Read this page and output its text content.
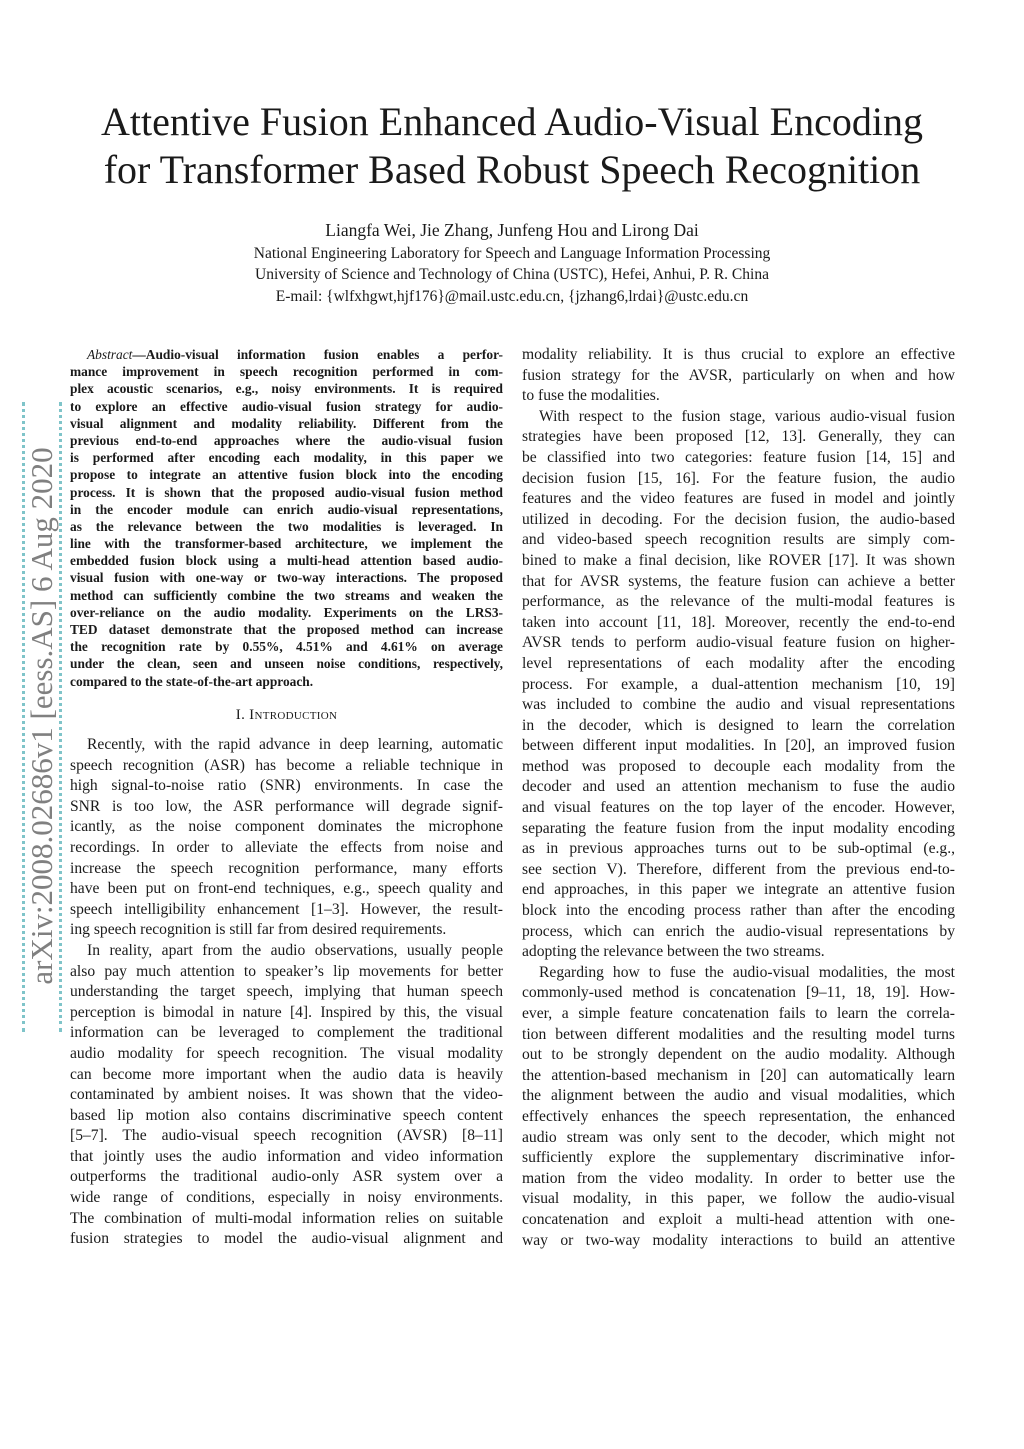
arXiv:2008.02686v1 [eess.AS] 6 Aug 2020
Attentive Fusion Enhanced Audio-Visual Encoding
for Transformer Based Robust Speech Recognition
Liangfa Wei, Jie Zhang, Junfeng Hou and Lirong Dai
National Engineering Laboratory for Speech and Language Information Processing
University of Science and Technology of China (USTC), Hefei, Anhui, P. R. China
E-mail: {wlfxhgwt,hjf176}@mail.ustc.edu.cn, {jzhang6,lrdai}@ustc.edu.cn
Abstract—Audio-visual information fusion enables a perfor-
mance improvement in speech recognition performed in com-
plex acoustic scenarios, e.g., noisy environments. It is required
to explore an effective audio-visual fusion strategy for audio-
visual alignment and modality reliability. Different from the
previous end-to-end approaches where the audio-visual fusion
is performed after encoding each modality, in this paper we
propose to integrate an attentive fusion block into the encoding
process. It is shown that the proposed audio-visual fusion method
in the encoder module can enrich audio-visual representations,
as the relevance between the two modalities is leveraged. In
line with the transformer-based architecture, we implement the
embedded fusion block using a multi-head attention based audio-
visual fusion with one-way or two-way interactions. The proposed
method can sufficiently combine the two streams and weaken the
over-reliance on the audio modality. Experiments on the LRS3-
TED dataset demonstrate that the proposed method can increase
the recognition rate by 0.55%, 4.51% and 4.61% on average
under the clean, seen and unseen noise conditions, respectively,
compared to the state-of-the-art approach.
I. Introduction
Recently, with the rapid advance in deep learning, automatic
speech recognition (ASR) has become a reliable technique in
high signal-to-noise ratio (SNR) environments. In case the
SNR is too low, the ASR performance will degrade signif-
icantly, as the noise component dominates the microphone
recordings. In order to alleviate the effects from noise and
increase the speech recognition performance, many efforts
have been put on front-end techniques, e.g., speech quality and
speech intelligibility enhancement [1–3]. However, the result-
ing speech recognition is still far from desired requirements.
In reality, apart from the audio observations, usually people
also pay much attention to speaker’s lip movements for better
understanding the target speech, implying that human speech
perception is bimodal in nature [4]. Inspired by this, the visual
information can be leveraged to complement the traditional
audio modality for speech recognition. The visual modality
can become more important when the audio data is heavily
contaminated by ambient noises. It was shown that the video-
based lip motion also contains discriminative speech content
[5–7]. The audio-visual speech recognition (AVSR) [8–11]
that jointly uses the audio information and video information
outperforms the traditional audio-only ASR system over a
wide range of conditions, especially in noisy environments.
The combination of multi-modal information relies on suitable
fusion strategies to model the audio-visual alignment and
modality reliability. It is thus crucial to explore an effective
fusion strategy for the AVSR, particularly on when and how
to fuse the modalities.
With respect to the fusion stage, various audio-visual fusion
strategies have been proposed [12, 13]. Generally, they can
be classified into two categories: feature fusion [14, 15] and
decision fusion [15, 16]. For the feature fusion, the audio
features and the video features are fused in model and jointly
utilized in decoding. For the decision fusion, the audio-based
and video-based speech recognition results are simply com-
bined to make a final decision, like ROVER [17]. It was shown
that for AVSR systems, the feature fusion can achieve a better
performance, as the relevance of the multi-modal features is
taken into account [11, 18]. Moreover, recently the end-to-end
AVSR tends to perform audio-visual feature fusion on higher-
level representations of each modality after the encoding
process. For example, a dual-attention mechanism [10, 19]
was included to combine the audio and visual representations
in the decoder, which is designed to learn the correlation
between different input modalities. In [20], an improved fusion
method was proposed to decouple each modality from the
decoder and used an attention mechanism to fuse the audio
and visual features on the top layer of the encoder. However,
separating the feature fusion from the input modality encoding
as in previous approaches turns out to be sub-optimal (e.g.,
see section V). Therefore, different from the previous end-to-
end approaches, in this paper we integrate an attentive fusion
block into the encoding process rather than after the encoding
process, which can enrich the audio-visual representations by
adopting the relevance between the two streams.
Regarding how to fuse the audio-visual modalities, the most
commonly-used method is concatenation [9–11, 18, 19]. How-
ever, a simple feature concatenation fails to learn the correla-
tion between different modalities and the resulting model turns
out to be strongly dependent on the audio modality. Although
the attention-based mechanism in [20] can automatically learn
the alignment between the audio and visual modalities, which
effectively enhances the speech representation, the enhanced
audio stream was only sent to the decoder, which might not
sufficiently explore the supplementary discriminative infor-
mation from the video modality. In order to better use the
visual modality, in this paper, we follow the audio-visual
concatenation and exploit a multi-head attention with one-
way or two-way modality interactions to build an attentive
